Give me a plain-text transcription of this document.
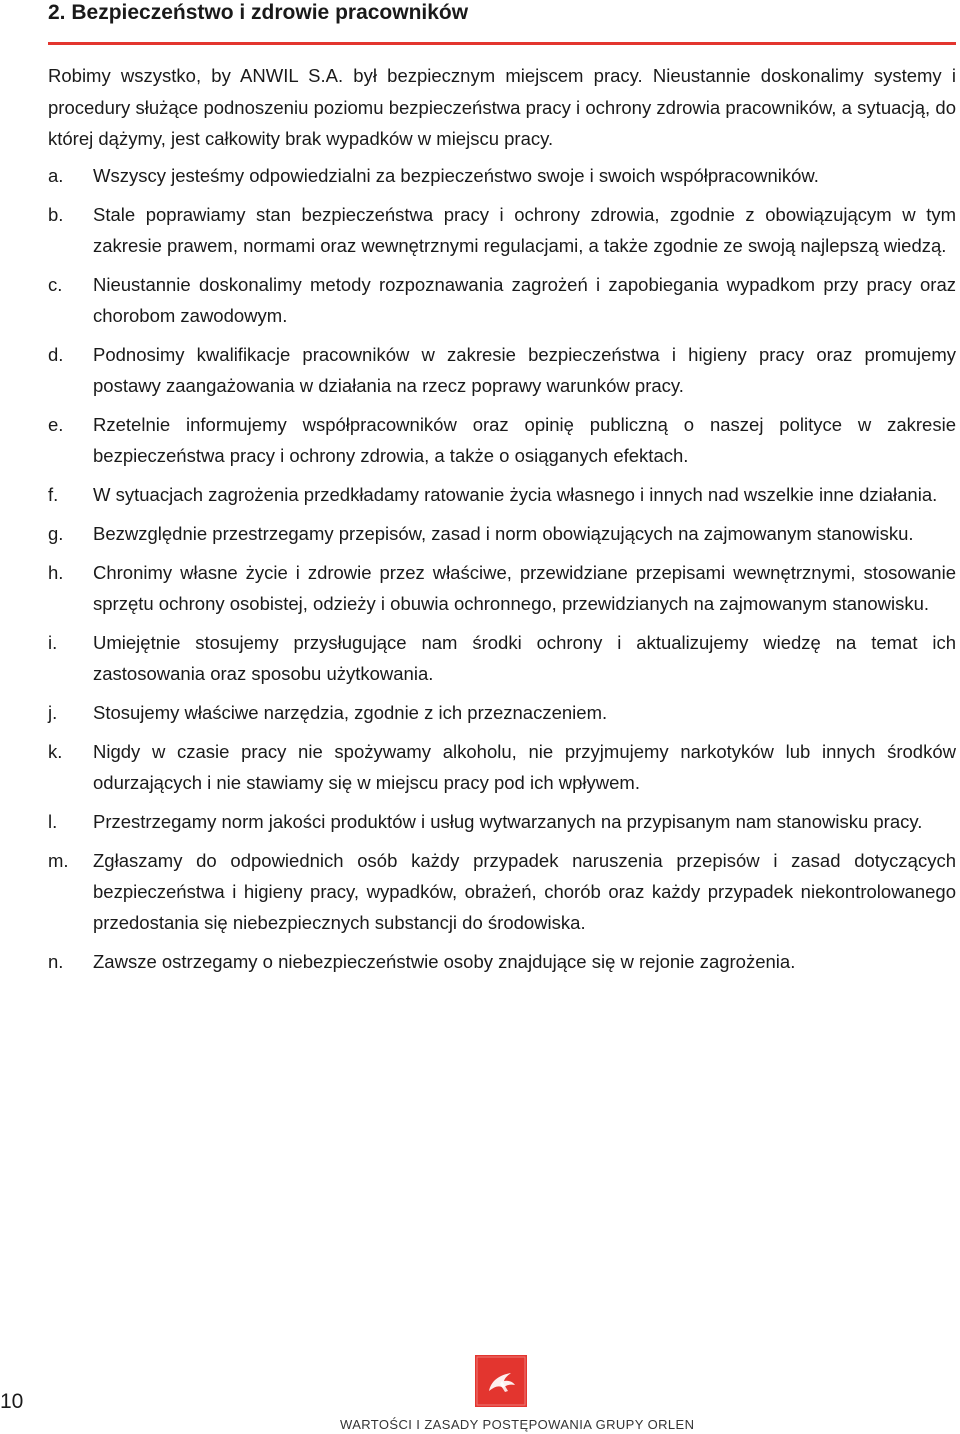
2. Bezpieczeństwo i zdrowie pracowników

Robimy wszystko, by ANWIL S.A. był bezpiecznym miejscem pracy. Nieustannie doskonalimy systemy i procedury służące podnoszeniu poziomu bezpieczeństwa pracy i ochrony zdrowia pracowników, a sytuacją, do której dążymy, jest całkowity brak wypadków w miejscu pracy.

a. Wszyscy jesteśmy odpowiedzialni za bezpieczeństwo swoje i swoich współpracowników.
b. Stale poprawiamy stan bezpieczeństwa pracy i ochrony zdrowia, zgodnie z obowiązującym w tym zakresie prawem, normami oraz wewnętrznymi regulacjami, a także zgodnie ze swoją najlepszą wiedzą.
c. Nieustannie doskonalimy metody rozpoznawania zagrożeń i zapobiegania wypadkom przy pracy oraz chorobom zawodowym.
d. Podnosimy kwalifikacje pracowników w zakresie bezpieczeństwa i higieny pracy oraz promujemy postawy zaangażowania w działania na rzecz poprawy warunków pracy.
e. Rzetelnie informujemy współpracowników oraz opinię publiczną o naszej polityce w zakresie bezpieczeństwa pracy i ochrony zdrowia, a także o osiąganych efektach.
f. W sytuacjach zagrożenia przedkładamy ratowanie życia własnego i innych nad wszelkie inne działania.
g. Bezwzględnie przestrzegamy przepisów, zasad i norm obowiązujących na zajmowanym stanowisku.
h. Chronimy własne życie i zdrowie przez właściwe, przewidziane przepisami wewnętrznymi, stosowanie sprzętu ochrony osobistej, odzieży i obuwia ochronnego, przewidzianych na zajmowanym stanowisku.
i. Umiejętnie stosujemy przysługujące nam środki ochrony i aktualizujemy wiedzę na temat ich zastosowania oraz sposobu użytkowania.
j. Stosujemy właściwe narzędzia, zgodnie z ich przeznaczeniem.
k. Nigdy w czasie pracy nie spożywamy alkoholu, nie przyjmujemy narkotyków lub innych środków odurzających i nie stawiamy się w miejscu pracy pod ich wpływem.
l. Przestrzegamy norm jakości produktów i usług wytwarzanych na przypisanym nam stanowisku pracy.
m. Zgłaszamy do odpowiednich osób każdy przypadek naruszenia przepisów i zasad dotyczących bezpieczeństwa i higieny pracy, wypadków, obrażeń, chorób oraz każdy przypadek niekontrolowanego przedostania się niebezpiecznych substancji do środowiska.
n. Zawsze ostrzegamy o niebezpieczeństwie osoby znajdujące się w rejonie zagrożenia.
10
WARTOŚCI I ZASADY POSTĘPOWANIA GRUPY ORLEN
